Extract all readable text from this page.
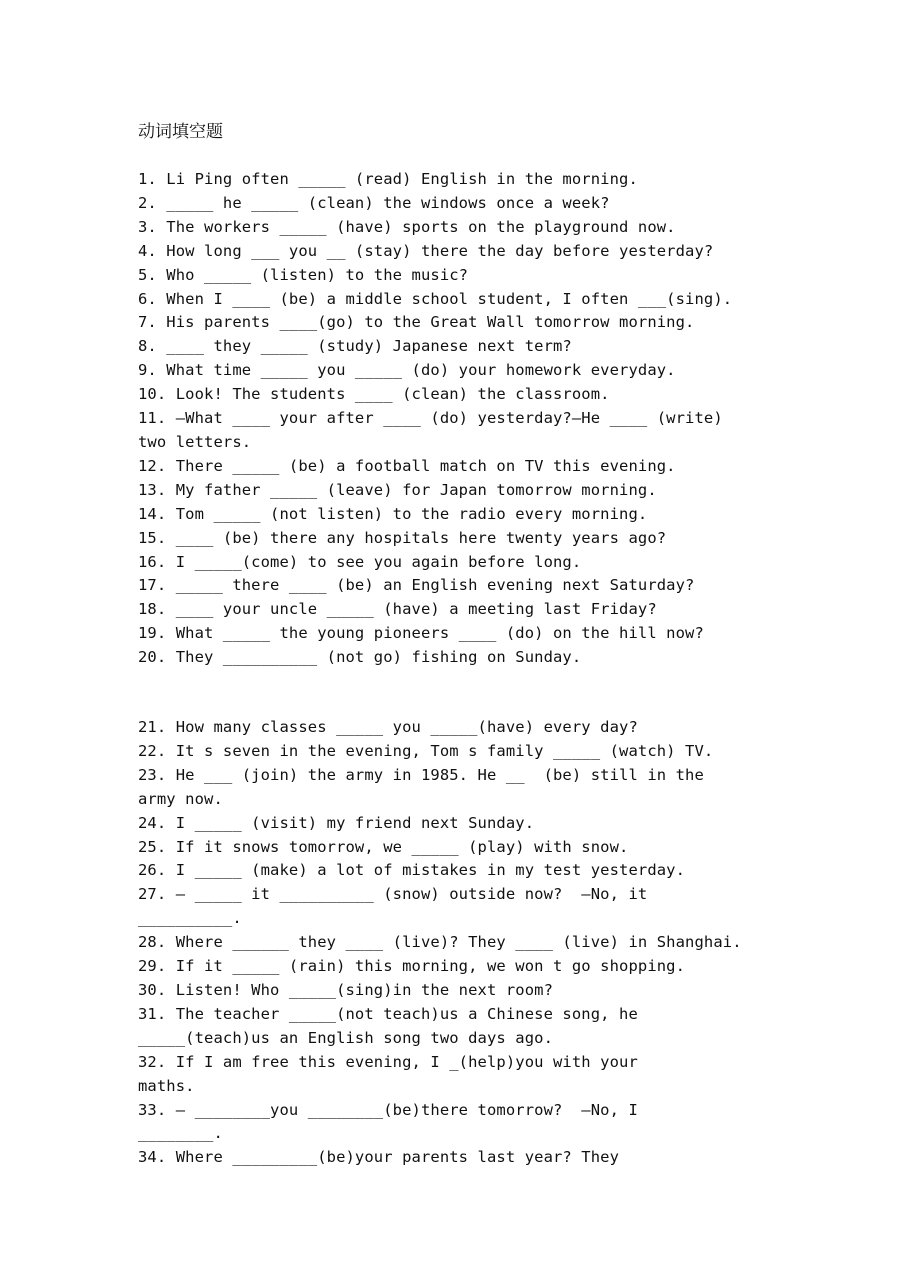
动词填空题
1. Li Ping often _____ (read) English in the morning.
2. _____ he _____ (clean) the windows once a week?
3. The workers _____ (have) sports on the playground now.
4. How long ___ you __ (stay) there the day before yesterday?
5. Who _____ (listen) to the music?
6. When I ____ (be) a middle school student, I often ___(sing).
7. His parents ____(go) to the Great Wall tomorrow morning.
8. ____ they _____ (study) Japanese next term?
9. What time _____ you _____ (do) your homework everyday.
10. Look! The students ____ (clean) the classroom.
11. —What ____ your after ____ (do) yesterday?—He ____ (write)
two letters.
12. There _____ (be) a football match on TV this evening.
13. My father _____ (leave) for Japan tomorrow morning.
14. Tom _____ (not listen) to the radio every morning.
15. ____ (be) there any hospitals here twenty years ago?
16. I _____(come) to see you again before long.
17. _____ there ____ (be) an English evening next Saturday?
18. ____ your uncle _____ (have) a meeting last Friday?
19. What _____ the young pioneers ____ (do) on the hill now?
20. They __________ (not go) fishing on Sunday.
21. How many classes _____ you _____(have) every day?
22. It s seven in the evening, Tom s family _____ (watch) TV.
23. He ___ (join) the army in 1985. He __  (be) still in the
army now.
24. I _____ (visit) my friend next Sunday.
25. If it snows tomorrow, we _____ (play) with snow.
26. I _____ (make) a lot of mistakes in my test yesterday.
27. — _____ it __________ (snow) outside now?  —No, it
__________.
28. Where ______ they ____ (live)? They ____ (live) in Shanghai.
29. If it _____ (rain) this morning, we won t go shopping.
30. Listen! Who _____(sing)in the next room?
31. The teacher _____(not teach)us a Chinese song, he
_____(teach)us an English song two days ago.
32. If I am free this evening, I _(help)you with your
maths.
33. — ________you ________(be)there tomorrow?  —No, I
________.
34. Where _________(be)your parents last year? They
